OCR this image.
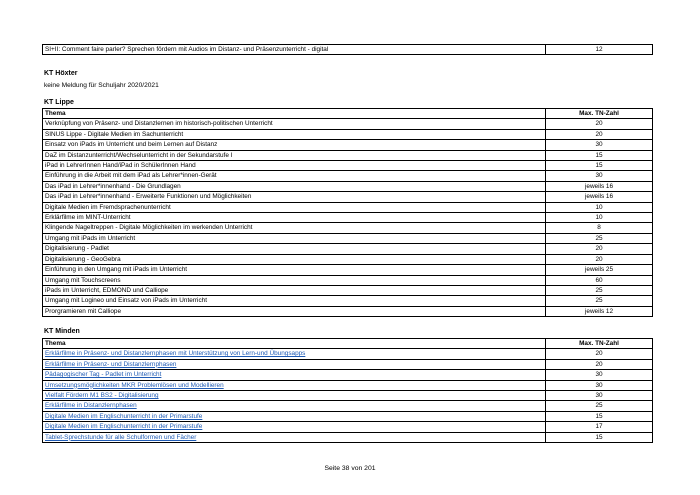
SI+II: Comment faire parler? Sprechen fördern mit Audios im Distanz- und Präsenzunterricht - digital	12
KT Höxter
keine Meldung für Schuljahr 2020/2021
KT Lippe
Thema	Max. TN-Zahl
Verknüpfung von Präsenz- und Distanzlernen im historisch-politischen Unterricht	20
SINUS Lippe - Digitale Medien im Sachunterricht	20
Einsatz von iPads im Unterricht und beim Lernen auf Distanz	30
DaZ im Distanzunterricht/Wechselunterricht in der Sekundarstufe I	15
iPad in LehrerInnen Hand/iPad in SchülerInnen Hand	15
Einführung in die Arbeit mit dem iPad als Lehrer*innen-Gerät	30
Das iPad in Lehrer*innenhand - Die Grundlagen	jeweils 16
Das iPad in Lehrer*innenhand - Erweiterte Funktionen und Möglichkeiten	jeweils 16
Digitale Medien im Fremdsprachenunterricht	10
Erklärfilme im MINT-Unterricht	10
Klingende Nageltreppen - Digitale Möglichkeiten im werkenden Unterricht	8
Umgang mit iPads im Unterricht	25
Digitalisierung - Padlet	20
Digitalisierung - GeoGebra	20
Einführung in den Umgang mit iPads im Unterricht	jeweils 25
Umgang mit Touchscreens	60
iPads im Unterricht, EDMOND und Calliope	25
Umgang mit Logineo und Einsatz von iPads im Unterricht	25
Prorgramieren mit Calliope	jeweils 12
KT Minden
Thema	Max. TN-Zahl
Erklärfilme in Präsenz- und Distanzlernphasen mit Unterstützung von Lern-und Übungsapps	20
Erklärfilme in Präsenz- und Distanzlernphasen	20
Pädagogischer Tag - Padlet im Unterricht	30
Umsetzungsmöglichkeiten MKR Problemlösen und Modellieren	30
Vielfalt Fördern M1 BS2 - Digitalisierung	30
Erklärfilme in Distanzlernphasen	25
Digitale Medien im Englischunterricht in der Primarstufe	15
Digitale Medien im Englischunterricht in der Primarstufe	17
Tablet-Sprechstunde für alle Schulformen und Fächer	15
Seite 38 von 201
